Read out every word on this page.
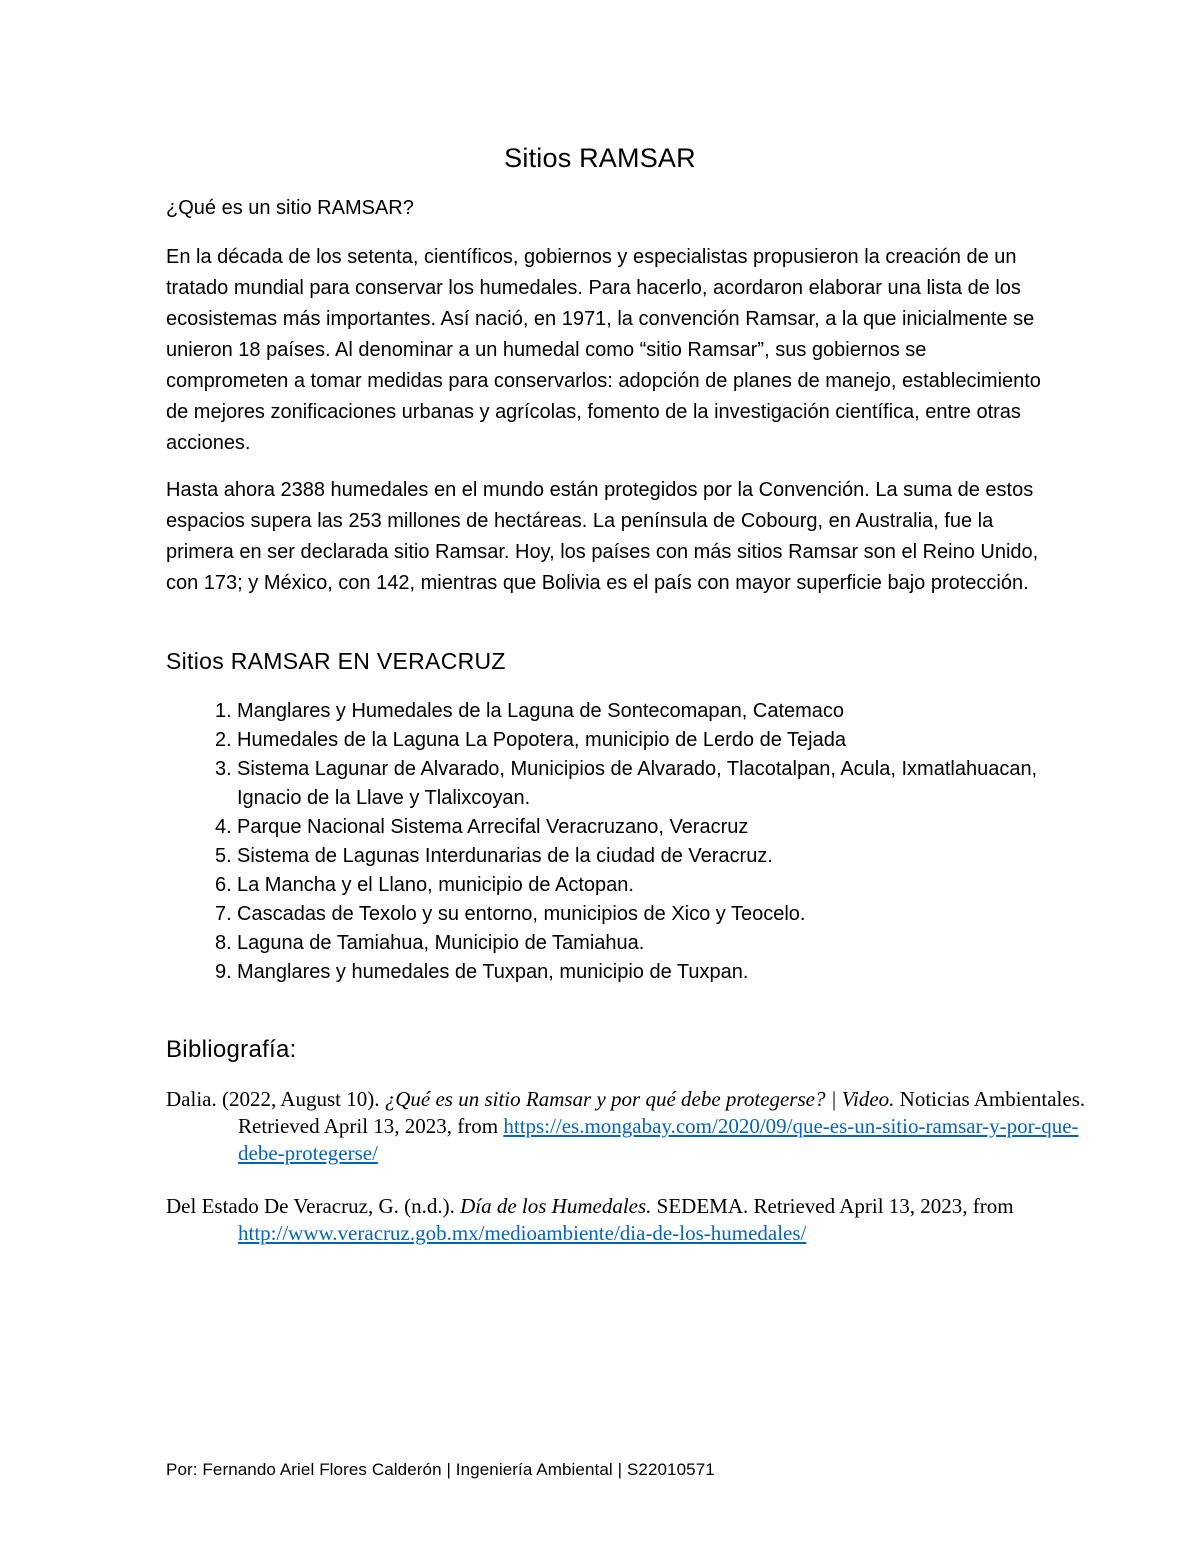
Sitios RAMSAR

¿Qué es un sitio RAMSAR?

En la década de los setenta, científicos, gobiernos y especialistas propusieron la creación de un tratado mundial para conservar los humedales. Para hacerlo, acordaron elaborar una lista de los ecosistemas más importantes. Así nació, en 1971, la convención Ramsar, a la que inicialmente se unieron 18 países. Al denominar a un humedal como “sitio Ramsar”, sus gobiernos se comprometen a tomar medidas para conservarlos: adopción de planes de manejo, establecimiento de mejores zonificaciones urbanas y agrícolas, fomento de la investigación científica, entre otras acciones.

Hasta ahora 2388 humedales en el mundo están protegidos por la Convención. La suma de estos espacios supera las 253 millones de hectáreas. La península de Cobourg, en Australia, fue la primera en ser declarada sitio Ramsar. Hoy, los países con más sitios Ramsar son el Reino Unido, con 173; y México, con 142, mientras que Bolivia es el país con mayor superficie bajo protección.

Sitios RAMSAR EN VERACRUZ
1. Manglares y Humedales de la Laguna de Sontecomapan, Catemaco
2. Humedales de la Laguna La Popotera, municipio de Lerdo de Tejada
3. Sistema Lagunar de Alvarado, Municipios de Alvarado, Tlacotalpan, Acula, Ixmatlahuacan, Ignacio de la Llave y Tlalixcoyan.
4. Parque Nacional Sistema Arrecifal Veracruzano, Veracruz
5. Sistema de Lagunas Interdunarias de la ciudad de Veracruz.
6. La Mancha y el Llano, municipio de Actopan.
7. Cascadas de Texolo y su entorno, municipios de Xico y Teocelo.
8. Laguna de Tamiahua, Municipio de Tamiahua.
9. Manglares y humedales de Tuxpan, municipio de Tuxpan.
Bibliografía:

Dalia. (2022, August 10). ¿Qué es un sitio Ramsar y por qué debe protegerse? | Video. Noticias Ambientales. Retrieved April 13, 2023, from https://es.mongabay.com/2020/09/que-es-un-sitio-ramsar-y-por-que-debe-protegerse/

Del Estado De Veracruz, G. (n.d.). Día de los Humedales. SEDEMA. Retrieved April 13, 2023, from http://www.veracruz.gob.mx/medioambiente/dia-de-los-humedales/

Por: Fernando Ariel Flores Calderón | Ingeniería Ambiental | S22010571
